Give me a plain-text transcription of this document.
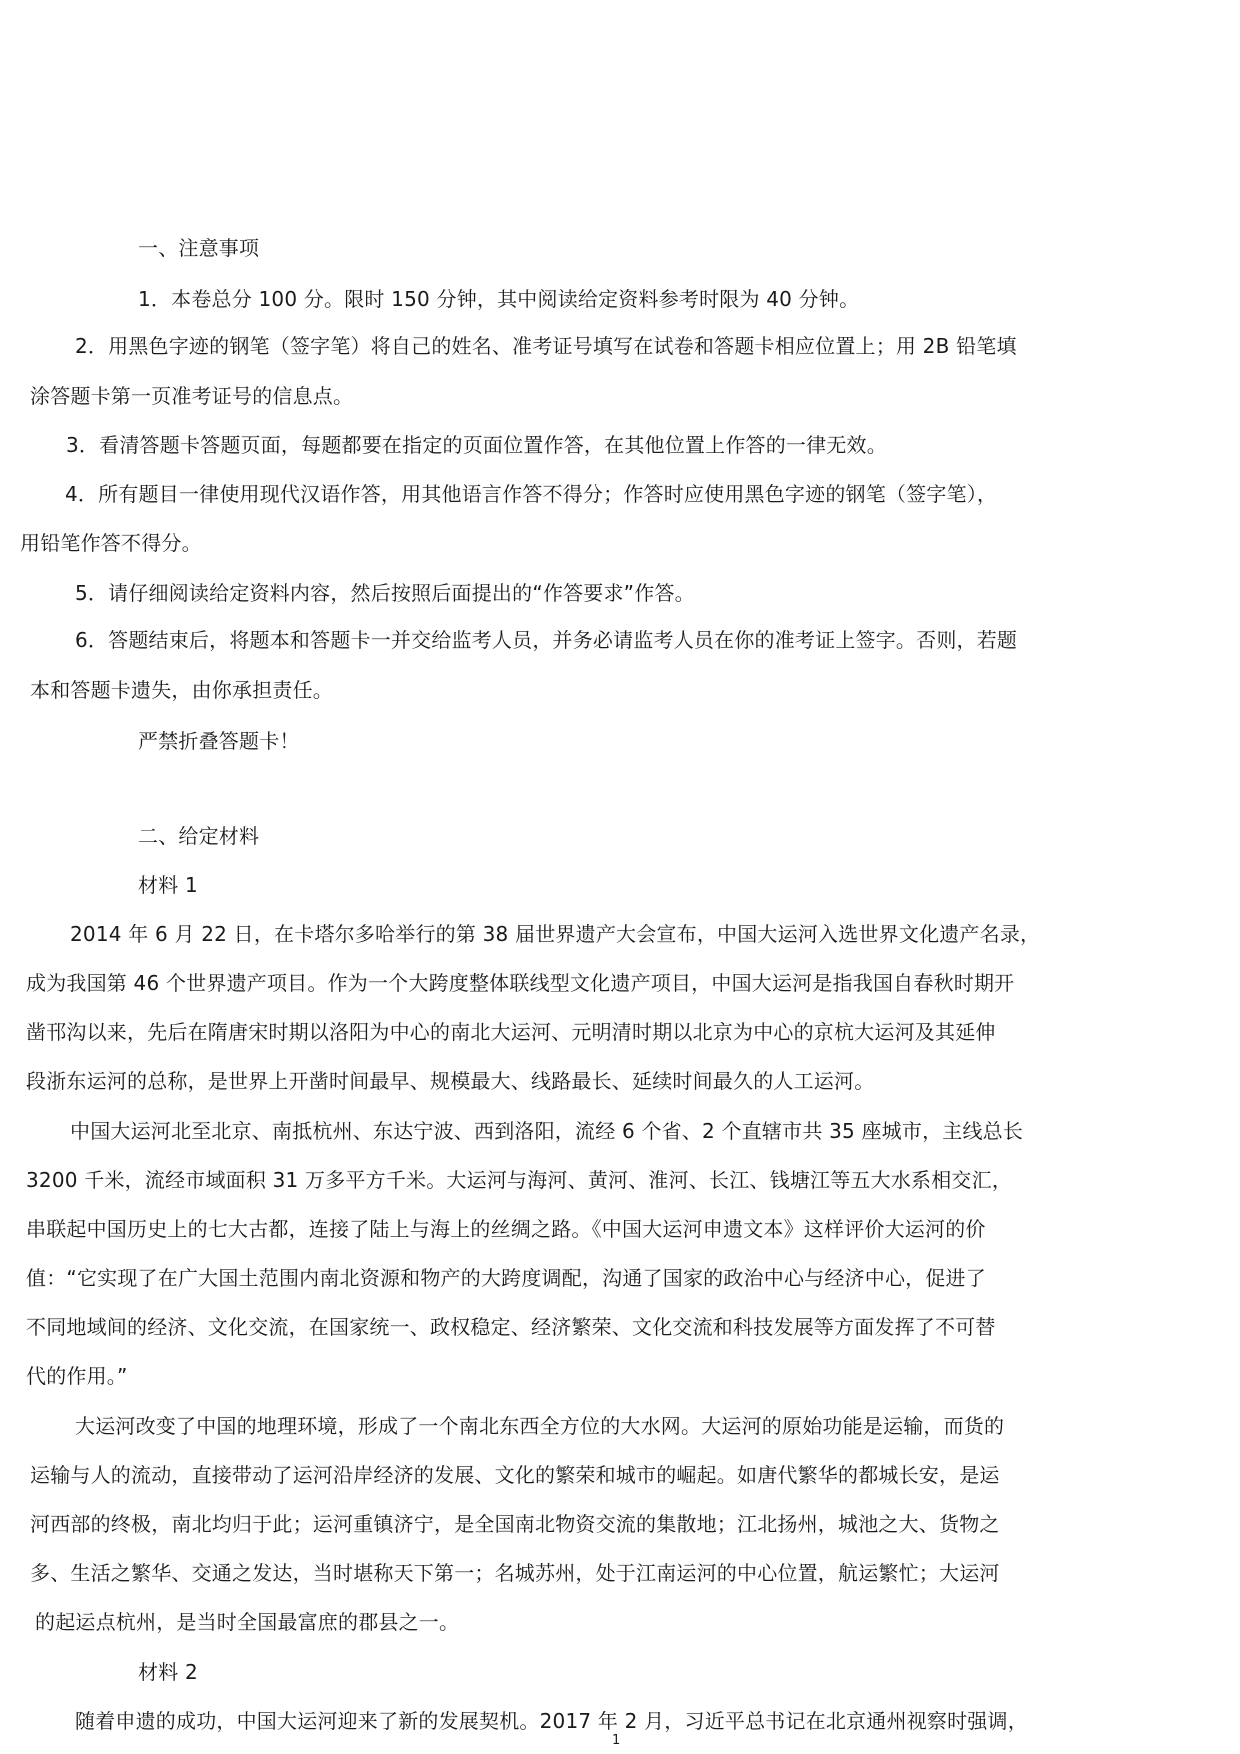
一、注意事项
1．本卷总分 100 分。限时 150 分钟，其中阅读给定资料参考时限为 40 分钟。
2．用黑色字迹的钢笔（签字笔）将自己的姓名、准考证号填写在试卷和答题卡相应位置上；用 2B 铅笔填
涂答题卡第一页准考证号的信息点。
3．看清答题卡答题页面，每题都要在指定的页面位置作答，在其他位置上作答的一律无效。
4．所有题目一律使用现代汉语作答，用其他语言作答不得分；作答时应使用黑色字迹的钢笔（签字笔），
用铅笔作答不得分。
5．请仔细阅读给定资料内容，然后按照后面提出的“作答要求”作答。
6．答题结束后，将题本和答题卡一并交给监考人员，并务必请监考人员在你的准考证上签字。否则，若题
本和答题卡遗失，由你承担责任。
严禁折叠答题卡！
二、给定材料
材料 1
2014 年 6 月 22 日，在卡塔尔多哈举行的第 38 届世界遗产大会宣布，中国大运河入选世界文化遗产名录，
成为我国第 46 个世界遗产项目。作为一个大跨度整体联线型文化遗产项目，中国大运河是指我国自春秋时期开
凿邗沟以来，先后在隋唐宋时期以洛阳为中心的南北大运河、元明清时期以北京为中心的京杭大运河及其延伸
段浙东运河的总称，是世界上开凿时间最早、规模最大、线路最长、延续时间最久的人工运河。
中国大运河北至北京、南抵杭州、东达宁波、西到洛阳，流经 6 个省、2 个直辖市共 35 座城市，主线总长
3200 千米，流经市域面积 31 万多平方千米。大运河与海河、黄河、淮河、长江、钱塘江等五大水系相交汇，
串联起中国历史上的七大古都，连接了陆上与海上的丝绸之路。《中国大运河申遗文本》这样评价大运河的价
值：“它实现了在广大国土范围内南北资源和物产的大跨度调配，沟通了国家的政治中心与经济中心，促进了
不同地域间的经济、文化交流，在国家统一、政权稳定、经济繁荣、文化交流和科技发展等方面发挥了不可替
代的作用。”
大运河改变了中国的地理环境，形成了一个南北东西全方位的大水网。大运河的原始功能是运输，而货的
运输与人的流动，直接带动了运河沿岸经济的发展、文化的繁荣和城市的崛起。如唐代繁华的都城长安，是运
河西部的终极，南北均归于此；运河重镇济宁，是全国南北物资交流的集散地；江北扬州，城池之大、货物之
多、生活之繁华、交通之发达，当时堪称天下第一；名城苏州，处于江南运河的中心位置，航运繁忙；大运河
的起运点杭州，是当时全国最富庶的郡县之一。
材料 2
随着申遗的成功，中国大运河迎来了新的发展契机。2017 年 2 月，习近平总书记在北京通州视察时强调，
1
